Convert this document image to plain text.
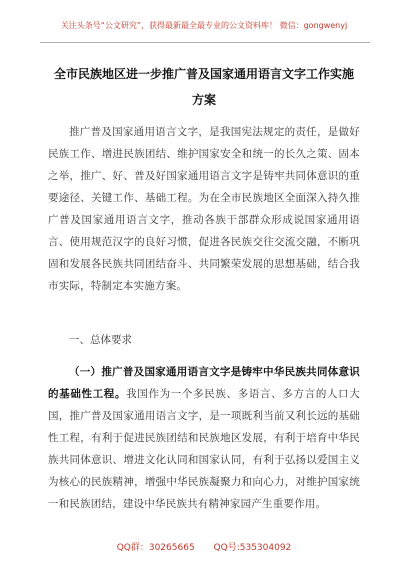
关注头条号“公文研究”，获得最新最全最专业的公文资料库！ 微信：gongwenyj
全市民族地区进一步推广普及国家通用语言文字工作实施
方案
推广普及国家通用语言文字，是我国宪法规定的责任，是做好民族工作、增进民族团结、维护国家安全和统一的长久之策、固本之举，推广、好、普及好国家通用语言文字是铸牢共同体意识的重要途径、关键工作、基础工程。为在全市民族地区全面深入持久推广普及国家通用语言文字，推动各族干部群众形成说国家通用语言、使用规范汉字的良好习惯，促进各民族交往交流交融，不断巩固和发展各民族共同团结奋斗、共同繁荣发展的思想基础，结合我市实际，特制定本实施方案。
一、总体要求
（一）推广普及国家通用语言文字是铸牢中华民族共同体意识的基础性工程。我国作为一个多民族、多语言、多方言的人口大国，推广普及国家通用语言文字，是一项既利当前又利长远的基础性工程，有利于促进民族团结和民族地区发展，有利于培育中华民族共同体意识、增进文化认同和国家认同，有利于弘扬以爱国主义为核心的民族精神，增强中华民族凝聚力和向心力，对维护国家统一和民族团结，建设中华民族共有精神家园产生重要作用。
QQ群：30265665 QQ号:535304092
